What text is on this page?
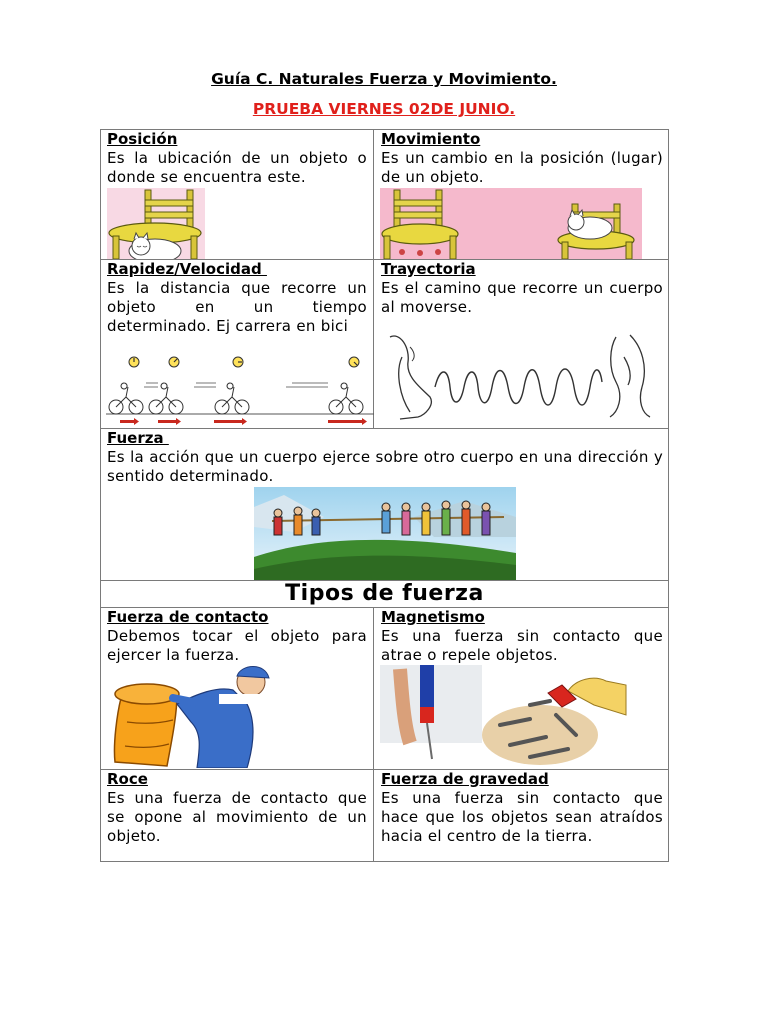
Guía C. Naturales Fuerza y Movimiento.
PRUEBA VIERNES 02DE JUNIO.
Posición
Es la ubicación de un objeto o donde se encuentra este.
Movimiento
Es un cambio en la posición (lugar) de un objeto.
Rapidez/Velocidad
Es la distancia que recorre un objeto en un tiempo determinado. Ej carrera en bici
Trayectoria
Es el camino que recorre un cuerpo al moverse.
Fuerza
Es la acción que un cuerpo ejerce sobre otro cuerpo en una dirección y sentido determinado.
Tipos de fuerza
Fuerza de contacto
Debemos tocar el objeto para ejercer la fuerza.
Magnetismo
Es una fuerza sin contacto que atrae o repele objetos.
Roce
Es una fuerza de contacto que se opone al movimiento de un objeto.
Fuerza de gravedad
Es una fuerza sin contacto que hace que los objetos sean atraídos hacia el centro de la tierra.
